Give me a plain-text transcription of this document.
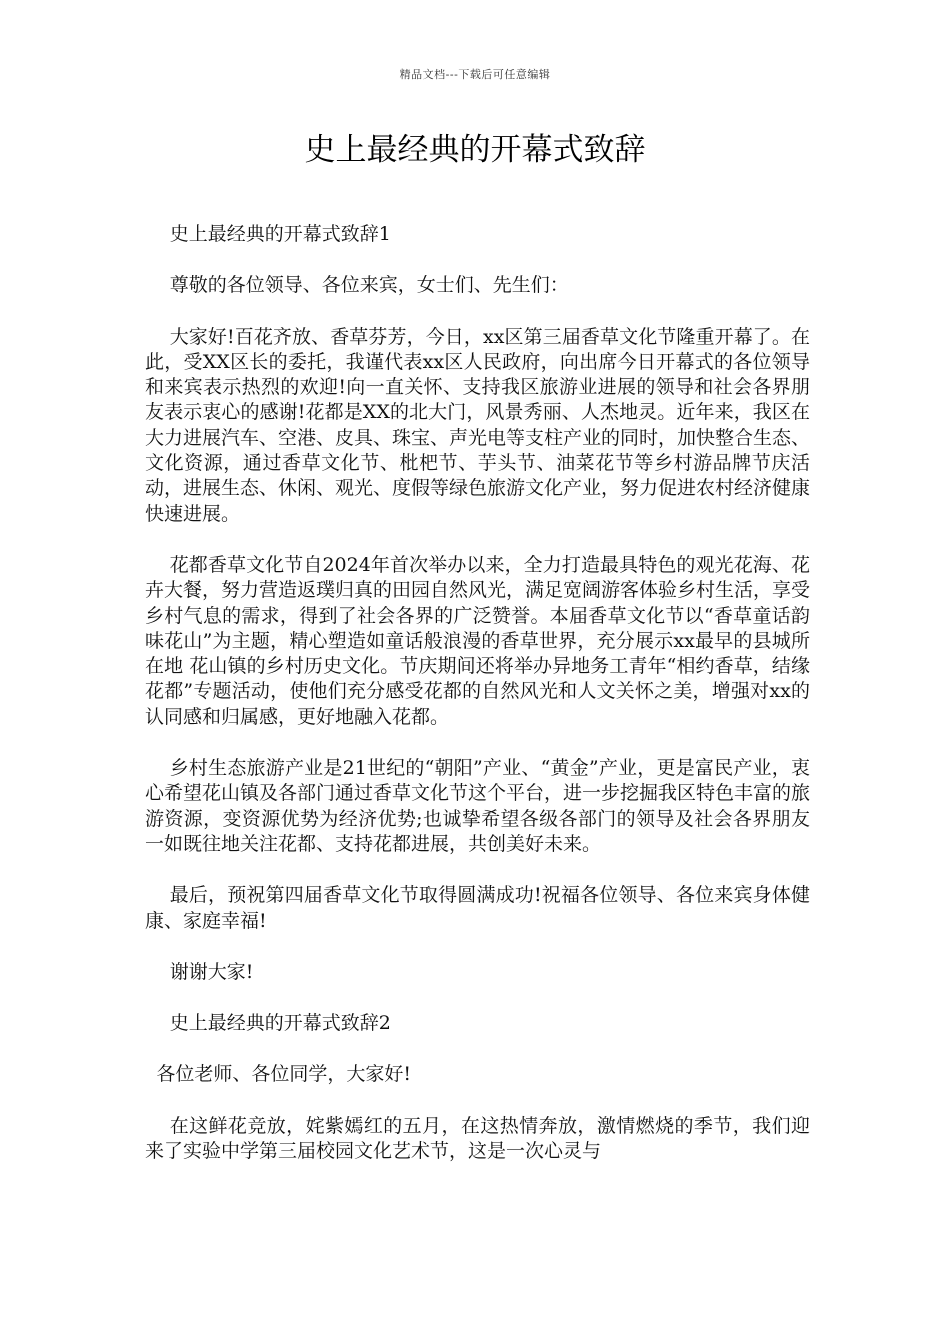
精品文档---下载后可任意编辑
史上最经典的开幕式致辞

史上最经典的开幕式致辞1

尊敬的各位领导、各位来宾，女士们、先生们：

大家好!百花齐放、香草芬芳，今日，xx区第三届香草文化节隆重开幕了。在此，受XX区长的委托，我谨代表xx区人民政府，向出席今日开幕式的各位领导和来宾表示热烈的欢迎!向一直关怀、支持我区旅游业进展的领导和社会各界朋友表示衷心的感谢!花都是XX的北大门，风景秀丽、人杰地灵。近年来，我区在大力进展汽车、空港、皮具、珠宝、声光电等支柱产业的同时，加快整合生态、文化资源，通过香草文化节、枇杷节、芋头节、油菜花节等乡村游品牌节庆活动，进展生态、休闲、观光、度假等绿色旅游文化产业，努力促进农村经济健康快速进展。

花都香草文化节自2024年首次举办以来，全力打造最具特色的观光花海、花卉大餐，努力营造返璞归真的田园自然风光，满足宽阔游客体验乡村生活，享受乡村气息的需求，得到了社会各界的广泛赞誉。本届香草文化节以“香草童话韵味花山”为主题，精心塑造如童话般浪漫的香草世界，充分展示xx最早的县城所在地 花山镇的乡村历史文化。节庆期间还将举办异地务工青年“相约香草，结缘花都”专题活动，使他们充分感受花都的自然风光和人文关怀之美，增强对xx的认同感和归属感，更好地融入花都。

乡村生态旅游产业是21世纪的“朝阳”产业、“黄金”产业，更是富民产业，衷心希望花山镇及各部门通过香草文化节这个平台，进一步挖掘我区特色丰富的旅游资源，变资源优势为经济优势;也诚挚希望各级各部门的领导及社会各界朋友一如既往地关注花都、支持花都进展，共创美好未来。

最后，预祝第四届香草文化节取得圆满成功!祝福各位领导、各位来宾身体健康、家庭幸福!

谢谢大家!

史上最经典的开幕式致辞2

各位老师、各位同学，大家好!

在这鲜花竞放，姹紫嫣红的五月，在这热情奔放，激情燃烧的季节，我们迎来了实验中学第三届校园文化艺术节，这是一次心灵与
